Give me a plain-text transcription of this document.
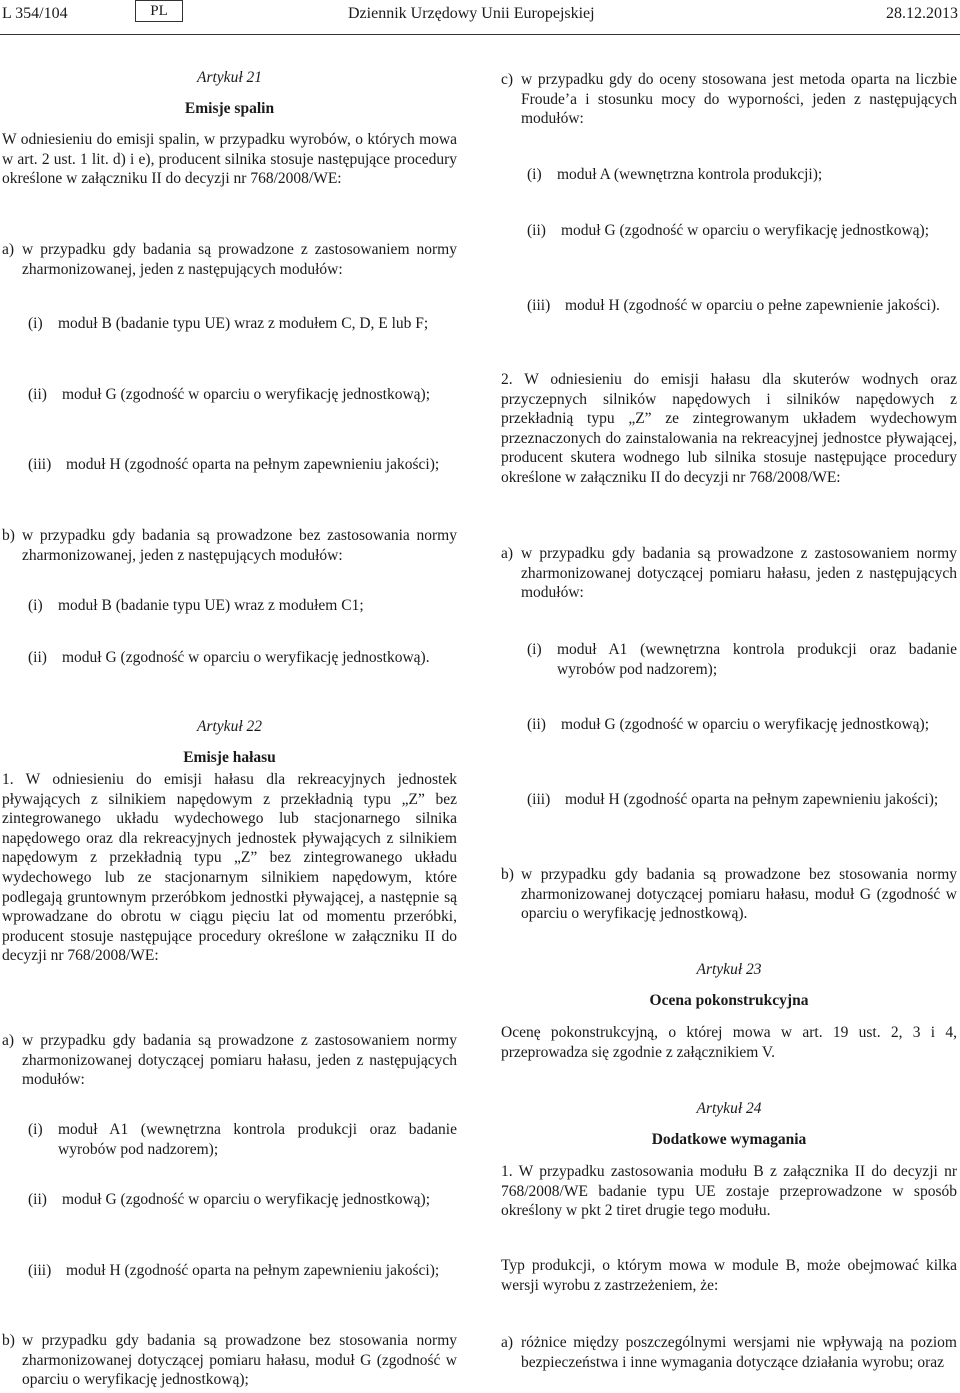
L 354/104	PL	Dziennik Urzędowy Unii Europejskiej	28.12.2013

Artykuł 21

Emisje spalin

W odniesieniu do emisji spalin, w przypadku wyrobów, o których mowa w art. 2 ust. 1 lit. d) i e), producent silnika stosuje następujące procedury określone w załączniku II do decyzji nr 768/2008/WE:

a) w przypadku gdy badania są prowadzone z zastosowaniem normy zharmonizowanej, jeden z następujących modułów:
(i) moduł B (badanie typu UE) wraz z modułem C, D, E lub F;
(ii) moduł G (zgodność w oparciu o weryfikację jednostkową);
(iii) moduł H (zgodność oparta na pełnym zapewnieniu jakości);
b) w przypadku gdy badania są prowadzone bez zastosowania normy zharmonizowanej, jeden z następujących modułów:
(i) moduł B (badanie typu UE) wraz z modułem C1;
(ii) moduł G (zgodność w oparciu o weryfikację jednostkową).

Artykuł 22

Emisje hałasu

1. W odniesieniu do emisji hałasu dla rekreacyjnych jednostek pływających z silnikiem napędowym z przekładnią typu „Z” bez zintegrowanego układu wydechowego lub stacjonarnego silnika napędowego oraz dla rekreacyjnych jednostek pływających z silnikiem napędowym z przekładnią typu „Z” bez zintegrowanego układu wydechowego lub ze stacjonarnym silnikiem napędowym, które podlegają gruntownym przeróbkom jednostki pływającej, a następnie są wprowadzane do obrotu w ciągu pięciu lat od momentu przeróbki, producent stosuje następujące procedury określone w załączniku II do decyzji nr 768/2008/WE:

a) w przypadku gdy badania są prowadzone z zastosowaniem normy zharmonizowanej dotyczącej pomiaru hałasu, jeden z następujących modułów:
(i) moduł A1 (wewnętrzna kontrola produkcji oraz badanie wyrobów pod nadzorem);
(ii) moduł G (zgodność w oparciu o weryfikację jednostkową);
(iii) moduł H (zgodność oparta na pełnym zapewnieniu jakości);
b) w przypadku gdy badania są prowadzone bez stosowania normy zharmonizowanej dotyczącej pomiaru hałasu, moduł G (zgodność w oparciu o weryfikację jednostkową);
c) w przypadku gdy do oceny stosowana jest metoda oparta na liczbie Froude’a i stosunku mocy do wyporności, jeden z następujących modułów:
(i) moduł A (wewnętrzna kontrola produkcji);
(ii) moduł G (zgodność w oparciu o weryfikację jednostkową);
(iii) moduł H (zgodność w oparciu o pełne zapewnienie jakości).

2. W odniesieniu do emisji hałasu dla skuterów wodnych oraz przyczepnych silników napędowych i silników napędowych z przekładnią typu „Z” ze zintegrowanym układem wydechowym przeznaczonych do zainstalowania na rekreacyjnej jednostce pływającej, producent skutera wodnego lub silnika stosuje następujące procedury określone w załączniku II do decyzji nr 768/2008/WE:

a) w przypadku gdy badania są prowadzone z zastosowaniem normy zharmonizowanej dotyczącej pomiaru hałasu, jeden z następujących modułów:
(i) moduł A1 (wewnętrzna kontrola produkcji oraz badanie wyrobów pod nadzorem);
(ii) moduł G (zgodność w oparciu o weryfikację jednostkową);
(iii) moduł H (zgodność oparta na pełnym zapewnieniu jakości);
b) w przypadku gdy badania są prowadzone bez stosowania normy zharmonizowanej dotyczącej pomiaru hałasu, moduł G (zgodność w oparciu o weryfikację jednostkową).

Artykuł 23

Ocena pokonstrukcyjna

Ocenę pokonstrukcyjną, o której mowa w art. 19 ust. 2, 3 i 4, przeprowadza się zgodnie z załącznikiem V.

Artykuł 24

Dodatkowe wymagania

1. W przypadku zastosowania modułu B z załącznika II do decyzji nr 768/2008/WE badanie typu UE zostaje przeprowadzone w sposób określony w pkt 2 tiret drugie tego modułu.

Typ produkcji, o którym mowa w module B, może obejmować kilka wersji wyrobu z zastrzeżeniem, że:

a) różnice między poszczególnymi wersjami nie wpływają na poziom bezpieczeństwa i inne wymagania dotyczące działania wyrobu; oraz
